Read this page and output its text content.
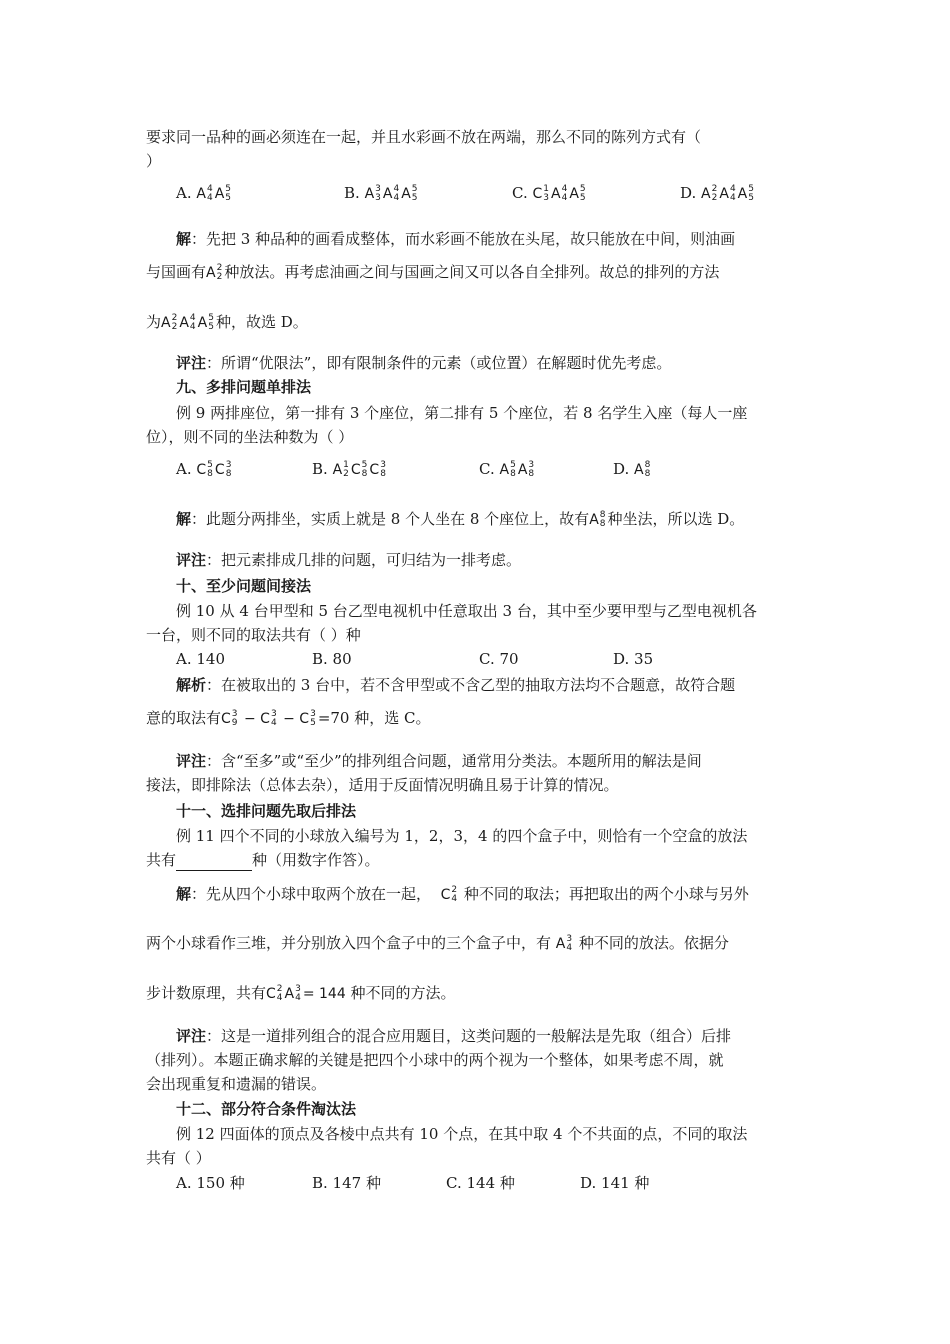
要求同一品种的画必须连在一起，并且水彩画不放在两端，那么不同的陈列方式有（
）
A. A 4
4 A 5
5	B. A 3
3 A 4
4 A 5
5	C. C 1
3 A 4
4 A 5
5	D. A 2
2 A 4
4 A 5
5
解：先把 3 种品种的画看成整体，而水彩画不能放在头尾，故只能放在中间，则油画
与国画有A 2
2 种放法。再考虑油画之间与国画之间又可以各自全排列。故总的排列的方法
为A 2
2 A 4
4 A 5
5 种，故选 D。
评注：所谓“优限法”，即有限制条件的元素（或位置）在解题时优先考虑。
九、多排问题单排法
例 9 两排座位，第一排有 3 个座位，第二排有 5 个座位，若 8 名学生入座（每人一座
位），则不同的坐法种数为（ ）
A. C 5
8 C 3
8	B. A 1
2 C 5
8 C 3
8	C. A 5
8 A 3
8	D. A 8
8
解：此题分两排坐，实质上就是 8 个人坐在 8 个座位上，故有A 8
8 种坐法，所以选 D。
评注：把元素排成几排的问题，可归结为一排考虑。
十、至少问题间接法
例 10 从 4 台甲型和 5 台乙型电视机中任意取出 3 台，其中至少要甲型与乙型电视机各
一台，则不同的取法共有（ ）种
A. 140	B. 80	C. 70	D. 35
解析：在被取出的 3 台中，若不含甲型或不含乙型的抽取方法均不合题意，故符合题
意的取法有C 3
9 − C 3
4 − C 3
5 =70 种，选 C。
评注：含“至多”或“至少”的排列组合问题，通常用分类法。本题所用的解法是间
接法，即排除法（总体去杂），适用于反面情况明确且易于计算的情况。
十一、选排问题先取后排法
例 11 四个不同的小球放入编号为 1，2，3，4 的四个盒子中，则恰有一个空盒的放法
共有	种（用数字作答）。
解：先从四个小球中取两个放在一起， C 2
4 种不同的取法；再把取出的两个小球与另外
两个小球看作三堆，并分别放入四个盒子中的三个盒子中，有 A 3
4 种不同的放法。依据分
步计数原理，共有C 2
4 A 3
4 = 144 种不同的方法。
评注：这是一道排列组合的混合应用题目，这类问题的一般解法是先取（组合）后排
（排列）。本题正确求解的关键是把四个小球中的两个视为一个整体，如果考虑不周，就
会出现重复和遗漏的错误。
十二、部分符合条件淘汰法
例 12 四面体的顶点及各棱中点共有 10 个点，在其中取 4 个不共面的点，不同的取法
共有（ ）
A. 150 种	B. 147 种	C. 144 种	D. 141 种
